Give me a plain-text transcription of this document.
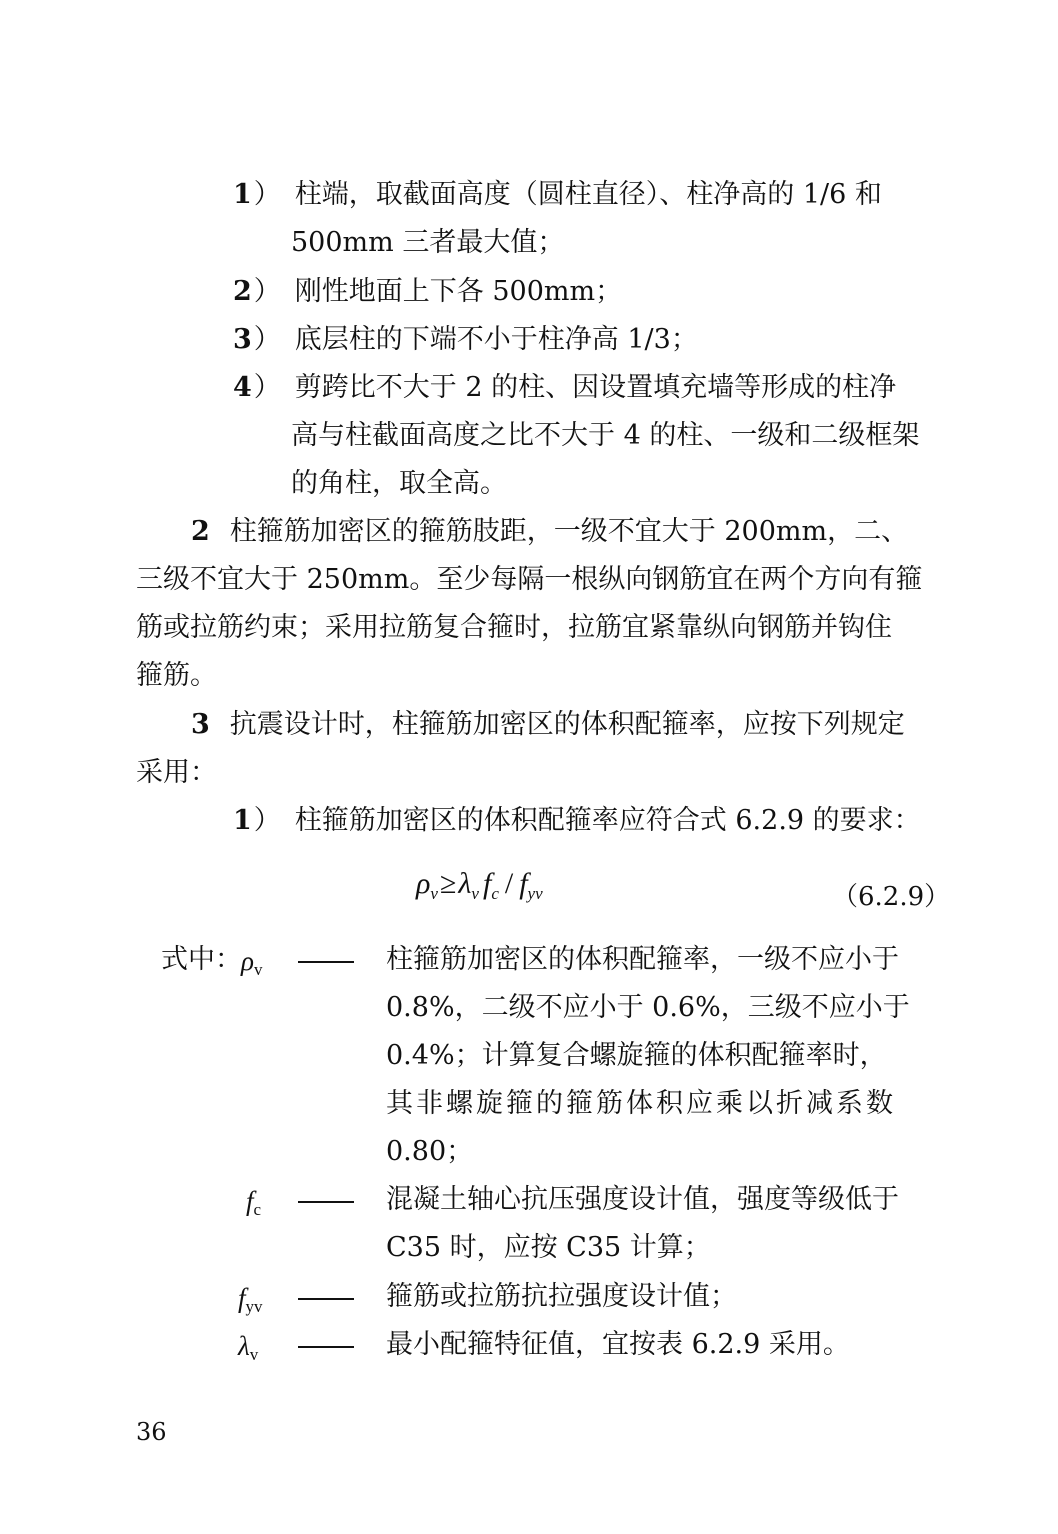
1） 柱端，取截面高度（圆柱直径）、柱净高的 1/6 和
500mm 三者最大值；
2） 刚性地面上下各 500mm；
3） 底层柱的下端不小于柱净高 1/3；
4） 剪跨比不大于 2 的柱、因设置填充墙等形成的柱净
高与柱截面高度之比不大于 4 的柱、一级和二级框架
的角柱，取全高。
2 柱箍筋加密区的箍筋肢距，一级不宜大于 200mm，二、
三级不宜大于 250mm。至少每隔一根纵向钢筋宜在两个方向有箍
筋或拉筋约束；采用拉筋复合箍时，拉筋宜紧靠纵向钢筋并钩住
箍筋。
3 抗震设计时，柱箍筋加密区的体积配箍率，应按下列规定
采用：
1） 柱箍筋加密区的体积配箍率应符合式 6.2.9 的要求：
$\rho_v\ge\lambda_v$ $f_c / f_{yv}$	（6.2.9）
式中： $\rho_v$	柱箍筋加密区的体积配箍率，一级不应小于
0.8%，二级不应小于 0.6%，三级不应小于
0.4%；计算复合螺旋箍的体积配箍率时，
其非螺旋箍的箍筋体积应乘以折减系数
0.80；
$f_c$	混凝土轴心抗压强度设计值，强度等级低于
C35 时，应按 C35 计算；
$f_{yv}$	箍筋或拉筋抗拉强度设计值；
$\lambda_v$	最小配箍特征值，宜按表 6.2.9 采用。
36
